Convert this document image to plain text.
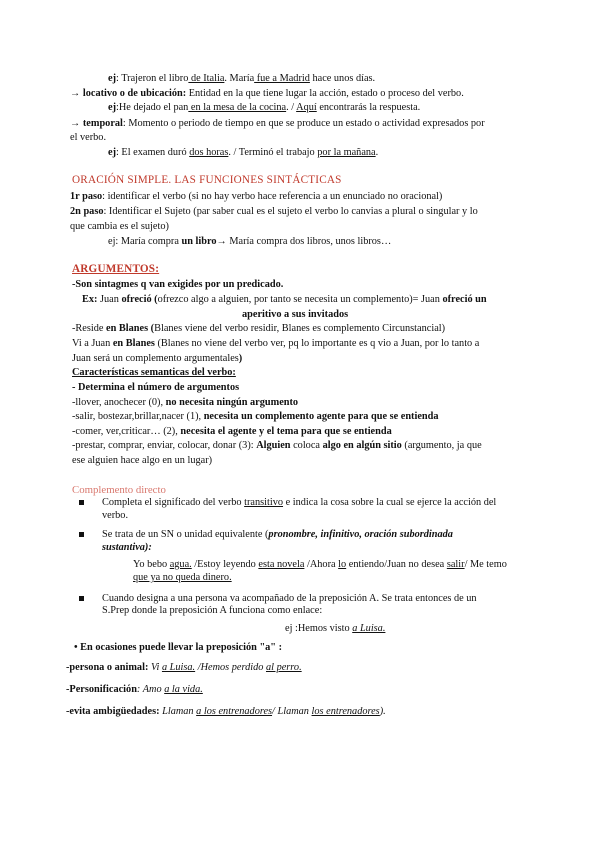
ej: Trajeron el libro de Italia. María fue a Madrid hace unos días.
→ locativo o de ubicación: Entidad en la que tiene lugar la acción, estado o proceso del verbo.
ej:He dejado el pan en la mesa de la cocina. / Aquí encontrarás la respuesta.
→ temporal: Momento o periodo de tiempo en que se produce un estado o actividad expresados por
el verbo.
ej: El examen duró dos horas. / Terminó el trabajo por la mañana.
ORACIÓN SIMPLE. LAS FUNCIONES SINTÁCTICAS
1r paso: identificar el verbo (si no hay verbo hace referencia a un enunciado no oracional)
2n paso: Identificar el Sujeto (par saber cual es el sujeto el verbo lo canvias a plural o singular y lo
que cambia es el sujeto)
ej: María compra un libro→ María compra dos libros, unos libros…
ARGUMENTOS:
-Son sintagmes q van exigides por un predicado.
Ex: Juan ofreció (ofrezco algo a alguien, por tanto se necesita un complemento)= Juan ofreció un
aperitivo a sus invitados
-Reside en Blanes (Blanes viene del verbo residir, Blanes es complemento Circunstancial)
Vi a Juan en Blanes (Blanes no viene del verbo ver, pq lo importante es q vio a Juan, por lo tanto a
Juan será un complemento argumentales)
Características semanticas del verbo:
- Determina el número de argumentos
-llover, anochecer (0), no necesita ningún argumento
-salir, bostezar,brillar,nacer (1), necesita un complemento agente para que se entienda
-comer, ver,criticar… (2), necesita el agente y el tema para que se entienda
-prestar, comprar, enviar, colocar, donar (3): Alguien coloca algo en algún sitio (argumento, ja que
ese alguien hace algo en un lugar)
Complemento directo
Completa el significado del verbo transitivo e indica la cosa sobre la cual se ejerce la acción del
verbo.
Se trata de un SN o unidad equivalente (pronombre, infinitivo, oración subordinada
sustantiva):
Yo bebo agua. /Estoy leyendo esta novela /Ahora lo entiendo/Juan no desea salir/ Me temo
que ya no queda dinero.
Cuando designa a una persona va acompañado de la preposición A. Se trata entonces de un
S.Prep donde la preposición A funciona como enlace:
ej :Hemos visto a Luisa.
• En ocasiones puede llevar la preposición "a" :
-persona o animal: Vi a Luisa. /Hemos perdido al perro.
-Personificación: Amo a la vida.
-evita ambigüedades: Llaman a los entrenadores/ Llaman los entrenadores).
